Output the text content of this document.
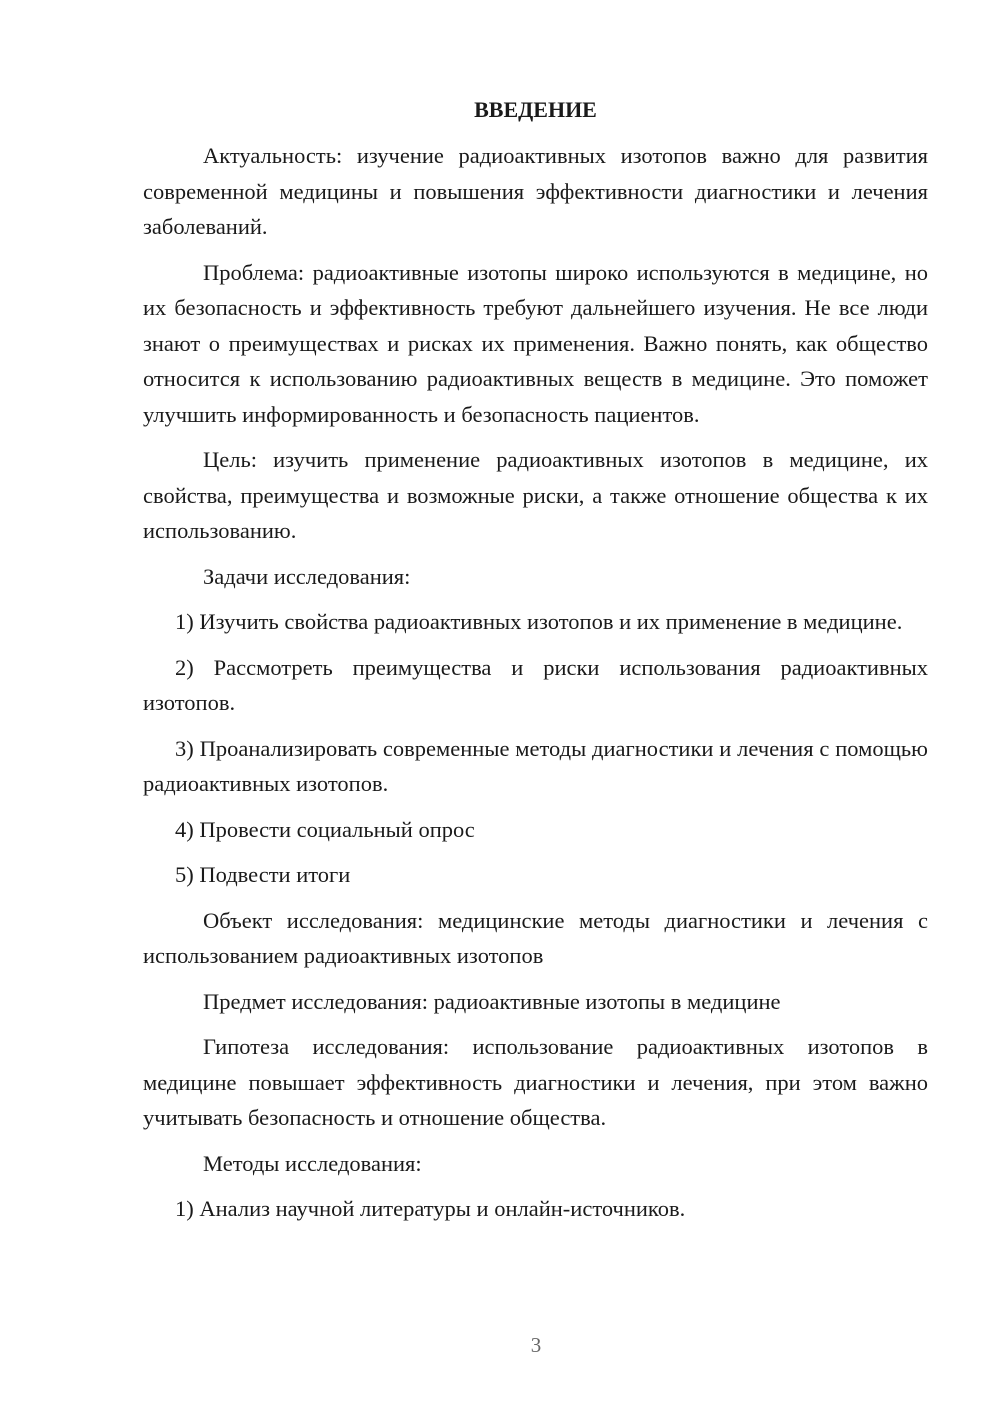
ВВЕДЕНИЕ

Актуальность: изучение радиоактивных изотопов важно для развития современной медицины и повышения эффективности диагностики и лечения заболеваний.

Проблема: радиоактивные изотопы широко используются в медицине, но их безопасность и эффективность требуют дальнейшего изучения. Не все люди знают о преимуществах и рисках их применения. Важно понять, как общество относится к использованию радиоактивных веществ в медицине. Это поможет улучшить информированность и безопасность пациентов.

Цель: изучить применение радиоактивных изотопов в медицине, их свойства, преимущества и возможные риски, а также отношение общества к их использованию.

Задачи исследования:

1) Изучить свойства радиоактивных изотопов и их применение в медицине.

2) Рассмотреть преимущества и риски использования радиоактивных изотопов.

3) Проанализировать современные методы диагностики и лечения с помощью радиоактивных изотопов.

4) Провести социальный опрос

5) Подвести итоги

Объект исследования: медицинские методы диагностики и лечения с использованием радиоактивных изотопов

Предмет исследования: радиоактивные изотопы в медицине

Гипотеза исследования: использование радиоактивных изотопов в медицине повышает эффективность диагностики и лечения, при этом важно учитывать безопасность и отношение общества.

Методы исследования:

1) Анализ научной литературы и онлайн-источников.

3
